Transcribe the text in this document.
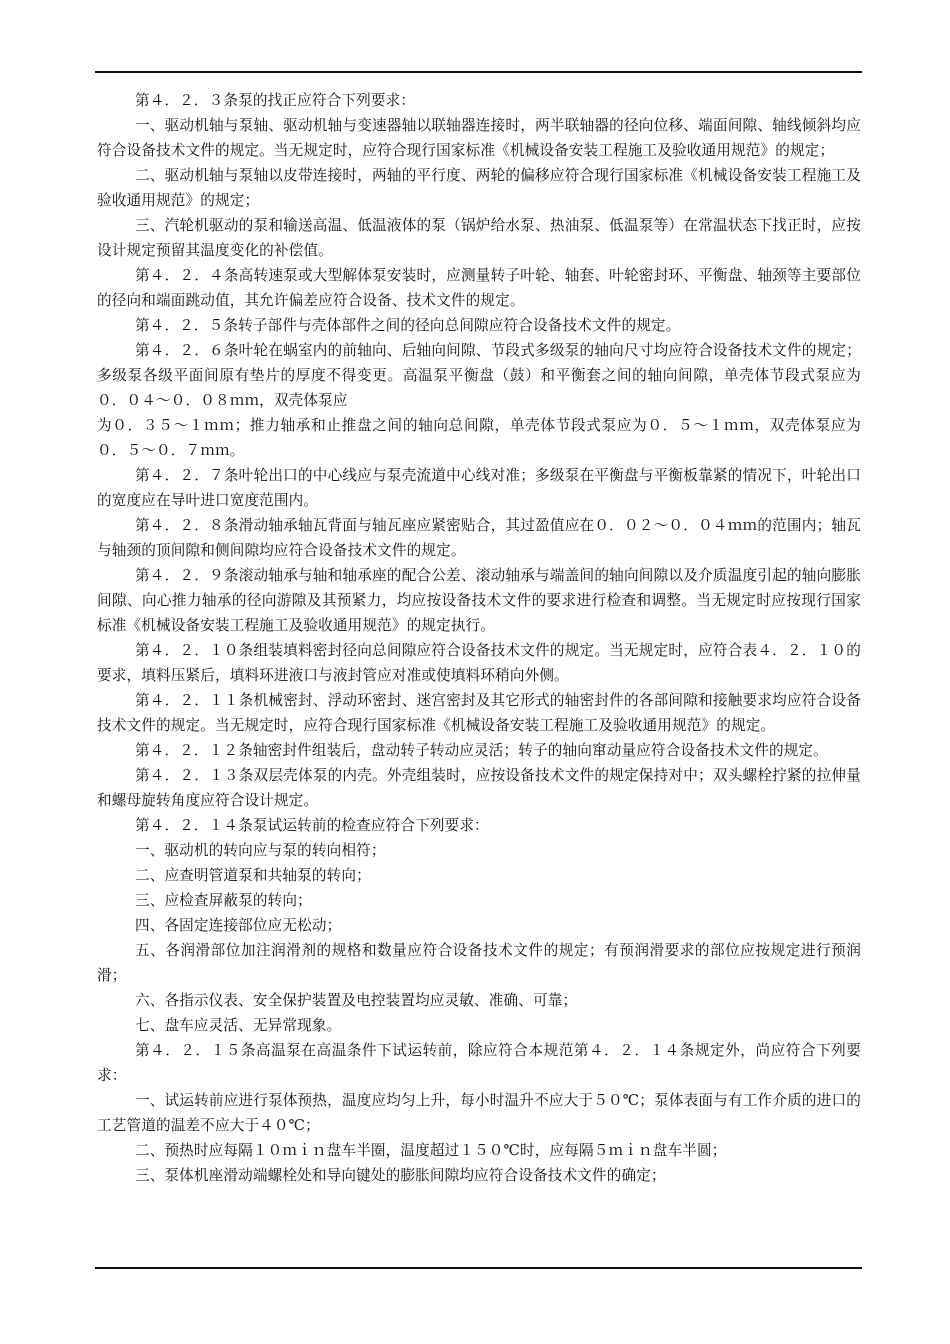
第４．２．３条泵的找正应符合下列要求：

一、驱动机轴与泵轴、驱动机轴与变速器轴以联轴器连接时，两半联轴器的径向位移、端面间隙、轴线倾斜均应符合设备技术文件的规定。当无规定时，应符合现行国家标准《机械设备安装工程施工及验收通用规范》的规定；

二、驱动机轴与泵轴以皮带连接时，两轴的平行度、两轮的偏移应符合现行国家标准《机械设备安装工程施工及验收通用规范》的规定；

三、汽轮机驱动的泵和输送高温、低温液体的泵（锅炉给水泵、热油泵、低温泵等）在常温状态下找正时，应按设计规定预留其温度变化的补偿值。

第４．２．４条高转速泵或大型解体泵安装时，应测量转子叶轮、轴套、叶轮密封环、平衡盘、轴颈等主要部位的径向和端面跳动值，其允许偏差应符合设备、技术文件的规定。

第４．２．５条转子部件与壳体部件之间的径向总间隙应符合设备技术文件的规定。

第４．２．６条叶轮在蜗室内的前轴向、后轴向间隙、节段式多级泵的轴向尺寸均应符合设备技术文件的规定；多级泵各级平面间原有垫片的厚度不得变更。高温泵平衡盘（鼓）和平衡套之间的轴向间隙，单壳体节段式泵应为０．０４～０．０８ｍｍ，双壳体泵应

为０．３５～１ｍｍ；推力轴承和止推盘之间的轴向总间隙，单壳体节段式泵应为０．５～１ｍｍ，双壳体泵应为０．５～０．７ｍｍ。

第４．２．７条叶轮出口的中心线应与泵壳流道中心线对准；多级泵在平衡盘与平衡板靠紧的情况下，叶轮出口的宽度应在导叶进口宽度范围内。

第４．２．８条滑动轴承轴瓦背面与轴瓦座应紧密贴合，其过盈值应在０．０２～０．０４ｍｍ的范围内；轴瓦与轴颈的顶间隙和侧间隙均应符合设备技术文件的规定。

第４．２．９条滚动轴承与轴和轴承座的配合公差、滚动轴承与端盖间的轴向间隙以及介质温度引起的轴向膨胀间隙、向心推力轴承的径向游隙及其预紧力，均应按设备技术文件的要求进行检查和调整。当无规定时应按现行国家标准《机械设备安装工程施工及验收通用规范》的规定执行。

第４．２．１０条组装填料密封径向总间隙应符合设备技术文件的规定。当无规定时，应符合表４．２．１０的要求，填料压紧后，填料环进液口与液封管应对准或使填料环稍向外侧。

第４．２．１１条机械密封、浮动环密封、迷宫密封及其它形式的轴密封件的各部间隙和接触要求均应符合设备技术文件的规定。当无规定时，应符合现行国家标准《机械设备安装工程施工及验收通用规范》的规定。

第４．２．１２条轴密封件组装后，盘动转子转动应灵活；转子的轴向窜动量应符合设备技术文件的规定。

第４．２．１３条双层壳体泵的内壳。外壳组装时，应按设备技术文件的规定保持对中；双头螺栓拧紧的拉伸量和螺母旋转角度应符合设计规定。

第４．２．１４条泵试运转前的检查应符合下列要求：

一、驱动机的转向应与泵的转向相符；

二、应查明管道泵和共轴泵的转向；

三、应检查屏蔽泵的转向；

四、各固定连接部位应无松动；

五、各润滑部位加注润滑剂的规格和数量应符合设备技术文件的规定；有预润滑要求的部位应按规定进行预润滑；

六、各指示仪表、安全保护装置及电控装置均应灵敏、准确、可靠；

七、盘车应灵活、无异常现象。

第４．２．１５条高温泵在高温条件下试运转前，除应符合本规范第４．２．１４条规定外，尚应符合下列要求：

一、试运转前应进行泵体预热，温度应均匀上升，每小时温升不应大于５０℃；泵体表面与有工作介质的进口的工艺管道的温差不应大于４０℃；

二、预热时应每隔１０ｍｉｎ盘车半圈，温度超过１５０℃时，应每隔５ｍｉｎ盘车半圆；

三、泵体机座滑动端螺栓处和导向键处的膨胀间隙均应符合设备技术文件的确定；
